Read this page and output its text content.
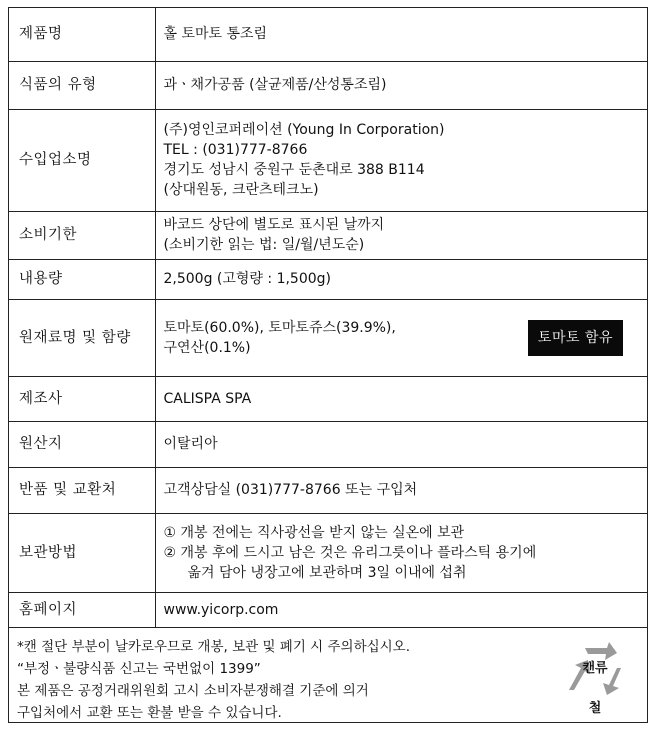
제품명	홀 토마토 통조림
식품의 유형	과ㆍ채가공품 (살균제품/산성통조림)
수입업소명	(주)영인코퍼레이션 (Young In Corporation)
TEL : (031)777-8766
경기도 성남시 중원구 둔촌대로 388 B114
(상대원동, 크란츠테크노)

소비기한	바코드 상단에 별도로 표시된 날까지
(소비기한 읽는 법: 일/월/년도순)

내용량	2,500g (고형량 : 1,500g)
원재료명 및 함량	토마토(60.0%), 토마토쥬스(39.9%),
구연산(0.1%)
토마토 함유

제조사	CALISPA SPA
원산지	이탈리아
반품 및 교환처	고객상담실 (031)777-8766 또는 구입처
보관방법	① 개봉 전에는 직사광선을 받지 않는 실온에 보관
② 개봉 후에 드시고 남은 것은 유리그릇이나 플라스틱 용기에
옮겨 담아 냉장고에 보관하며 3일 이내에 섭취

홈페이지	www.yicorp.com
*캔 절단 부분이 날카로우므로 개봉, 보관 및 폐기 시 주의하십시오.
“부정ㆍ불량식품 신고는 국번없이 1399”
본 제품은 공정거래위원회 고시 소비자분쟁해결 기준에 의거
구입처에서 교환 또는 환불 받을 수 있습니다.
캔류
철
